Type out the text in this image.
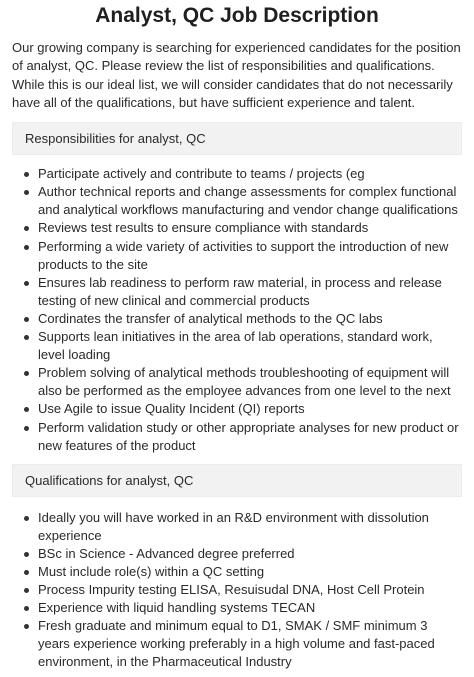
Analyst, QC Job Description

Our growing company is searching for experienced candidates for the position of analyst, QC. Please review the list of responsibilities and qualifications. While this is our ideal list, we will consider candidates that do not necessarily have all of the qualifications, but have sufficient experience and talent.

Responsibilities for analyst, QC
Participate actively and contribute to teams / projects (eg
Author technical reports and change assessments for complex functional and analytical workflows manufacturing and vendor change qualifications
Reviews test results to ensure compliance with standards
Performing a wide variety of activities to support the introduction of new products to the site
Ensures lab readiness to perform raw material, in process and release testing of new clinical and commercial products
Cordinates the transfer of analytical methods to the QC labs
Supports lean initiatives in the area of lab operations, standard work, level loading
Problem solving of analytical methods troubleshooting of equipment will also be performed as the employee advances from one level to the next
Use Agile to issue Quality Incident (QI) reports
Perform validation study or other appropriate analyses for new product or new features of the product
Qualifications for analyst, QC
Ideally you will have worked in an R&D environment with dissolution experience
BSc in Science - Advanced degree preferred
Must include role(s) within a QC setting
Process Impurity testing ELISA, Resuisudal DNA, Host Cell Protein
Experience with liquid handling systems TECAN
Fresh graduate and minimum equal to D1, SMAK / SMF minimum 3 years experience working preferably in a high volume and fast-paced environment, in the Pharmaceutical Industry
